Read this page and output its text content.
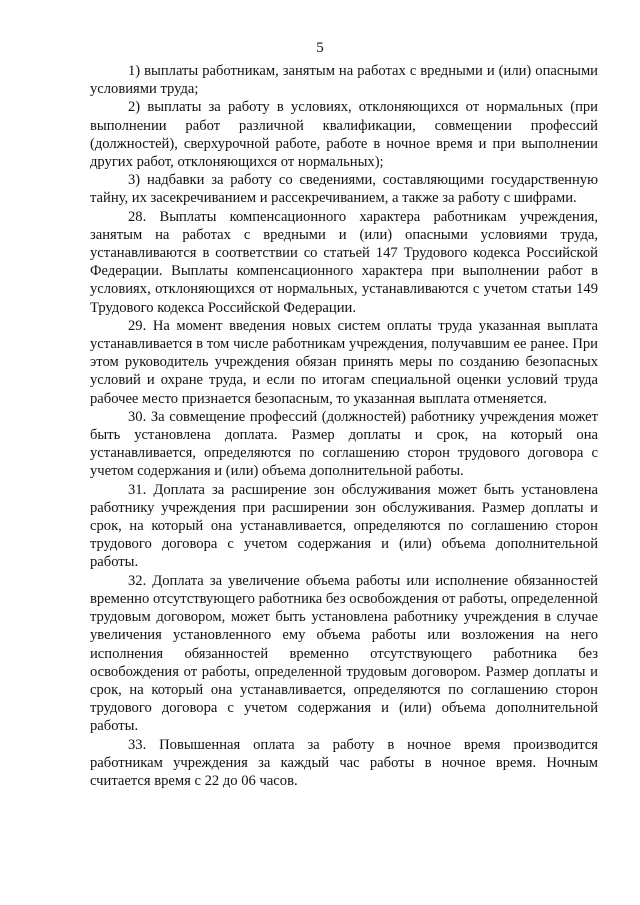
5

1) выплаты работникам, занятым на работах с вредными и (или) опасными условиями труда;

2) выплаты за работу в условиях, отклоняющихся от нормальных (при выполнении работ различной квалификации, совмещении профессий (должностей), сверхурочной работе, работе в ночное время и при выполнении других работ, отклоняющихся от нормальных);

3) надбавки за работу со сведениями, составляющими государственную тайну, их засекречиванием и рассекречиванием, а также за работу с шифрами.

28. Выплаты компенсационного характера работникам учреждения, занятым на работах с вредными и (или) опасными условиями труда, устанавливаются в соответствии со статьей 147 Трудового кодекса Российской Федерации. Выплаты компенсационного характера при выполнении работ в условиях, отклоняющихся от нормальных, устанавливаются с учетом статьи 149 Трудового кодекса Российской Федерации.

29. На момент введения новых систем оплаты труда указанная выплата устанавливается в том числе работникам учреждения, получавшим ее ранее. При этом руководитель учреждения обязан принять меры по созданию безопасных условий и охране труда, и если по итогам специальной оценки условий труда рабочее место признается безопасным, то указанная выплата отменяется.

30. За совмещение профессий (должностей) работнику учреждения может быть установлена доплата. Размер доплаты и срок, на который она устанавливается, определяются по соглашению сторон трудового договора с учетом содержания и (или) объема дополнительной работы.

31. Доплата за расширение зон обслуживания может быть установлена работнику учреждения при расширении зон обслуживания. Размер доплаты и срок, на который она устанавливается, определяются по соглашению сторон трудового договора с учетом содержания и (или) объема дополнительной работы.

32. Доплата за увеличение объема работы или исполнение обязанностей временно отсутствующего работника без освобождения от работы, определенной трудовым договором, может быть установлена работнику учреждения в случае увеличения установленного ему объема работы или возложения на него исполнения обязанностей временно отсутствующего работника без освобождения от работы, определенной трудовым договором. Размер доплаты и срок, на который она устанавливается, определяются по соглашению сторон трудового договора с учетом содержания и (или) объема дополнительной работы.

33. Повышенная оплата за работу в ночное время производится работникам учреждения за каждый час работы в ночное время. Ночным считается время с 22 до 06 часов.
